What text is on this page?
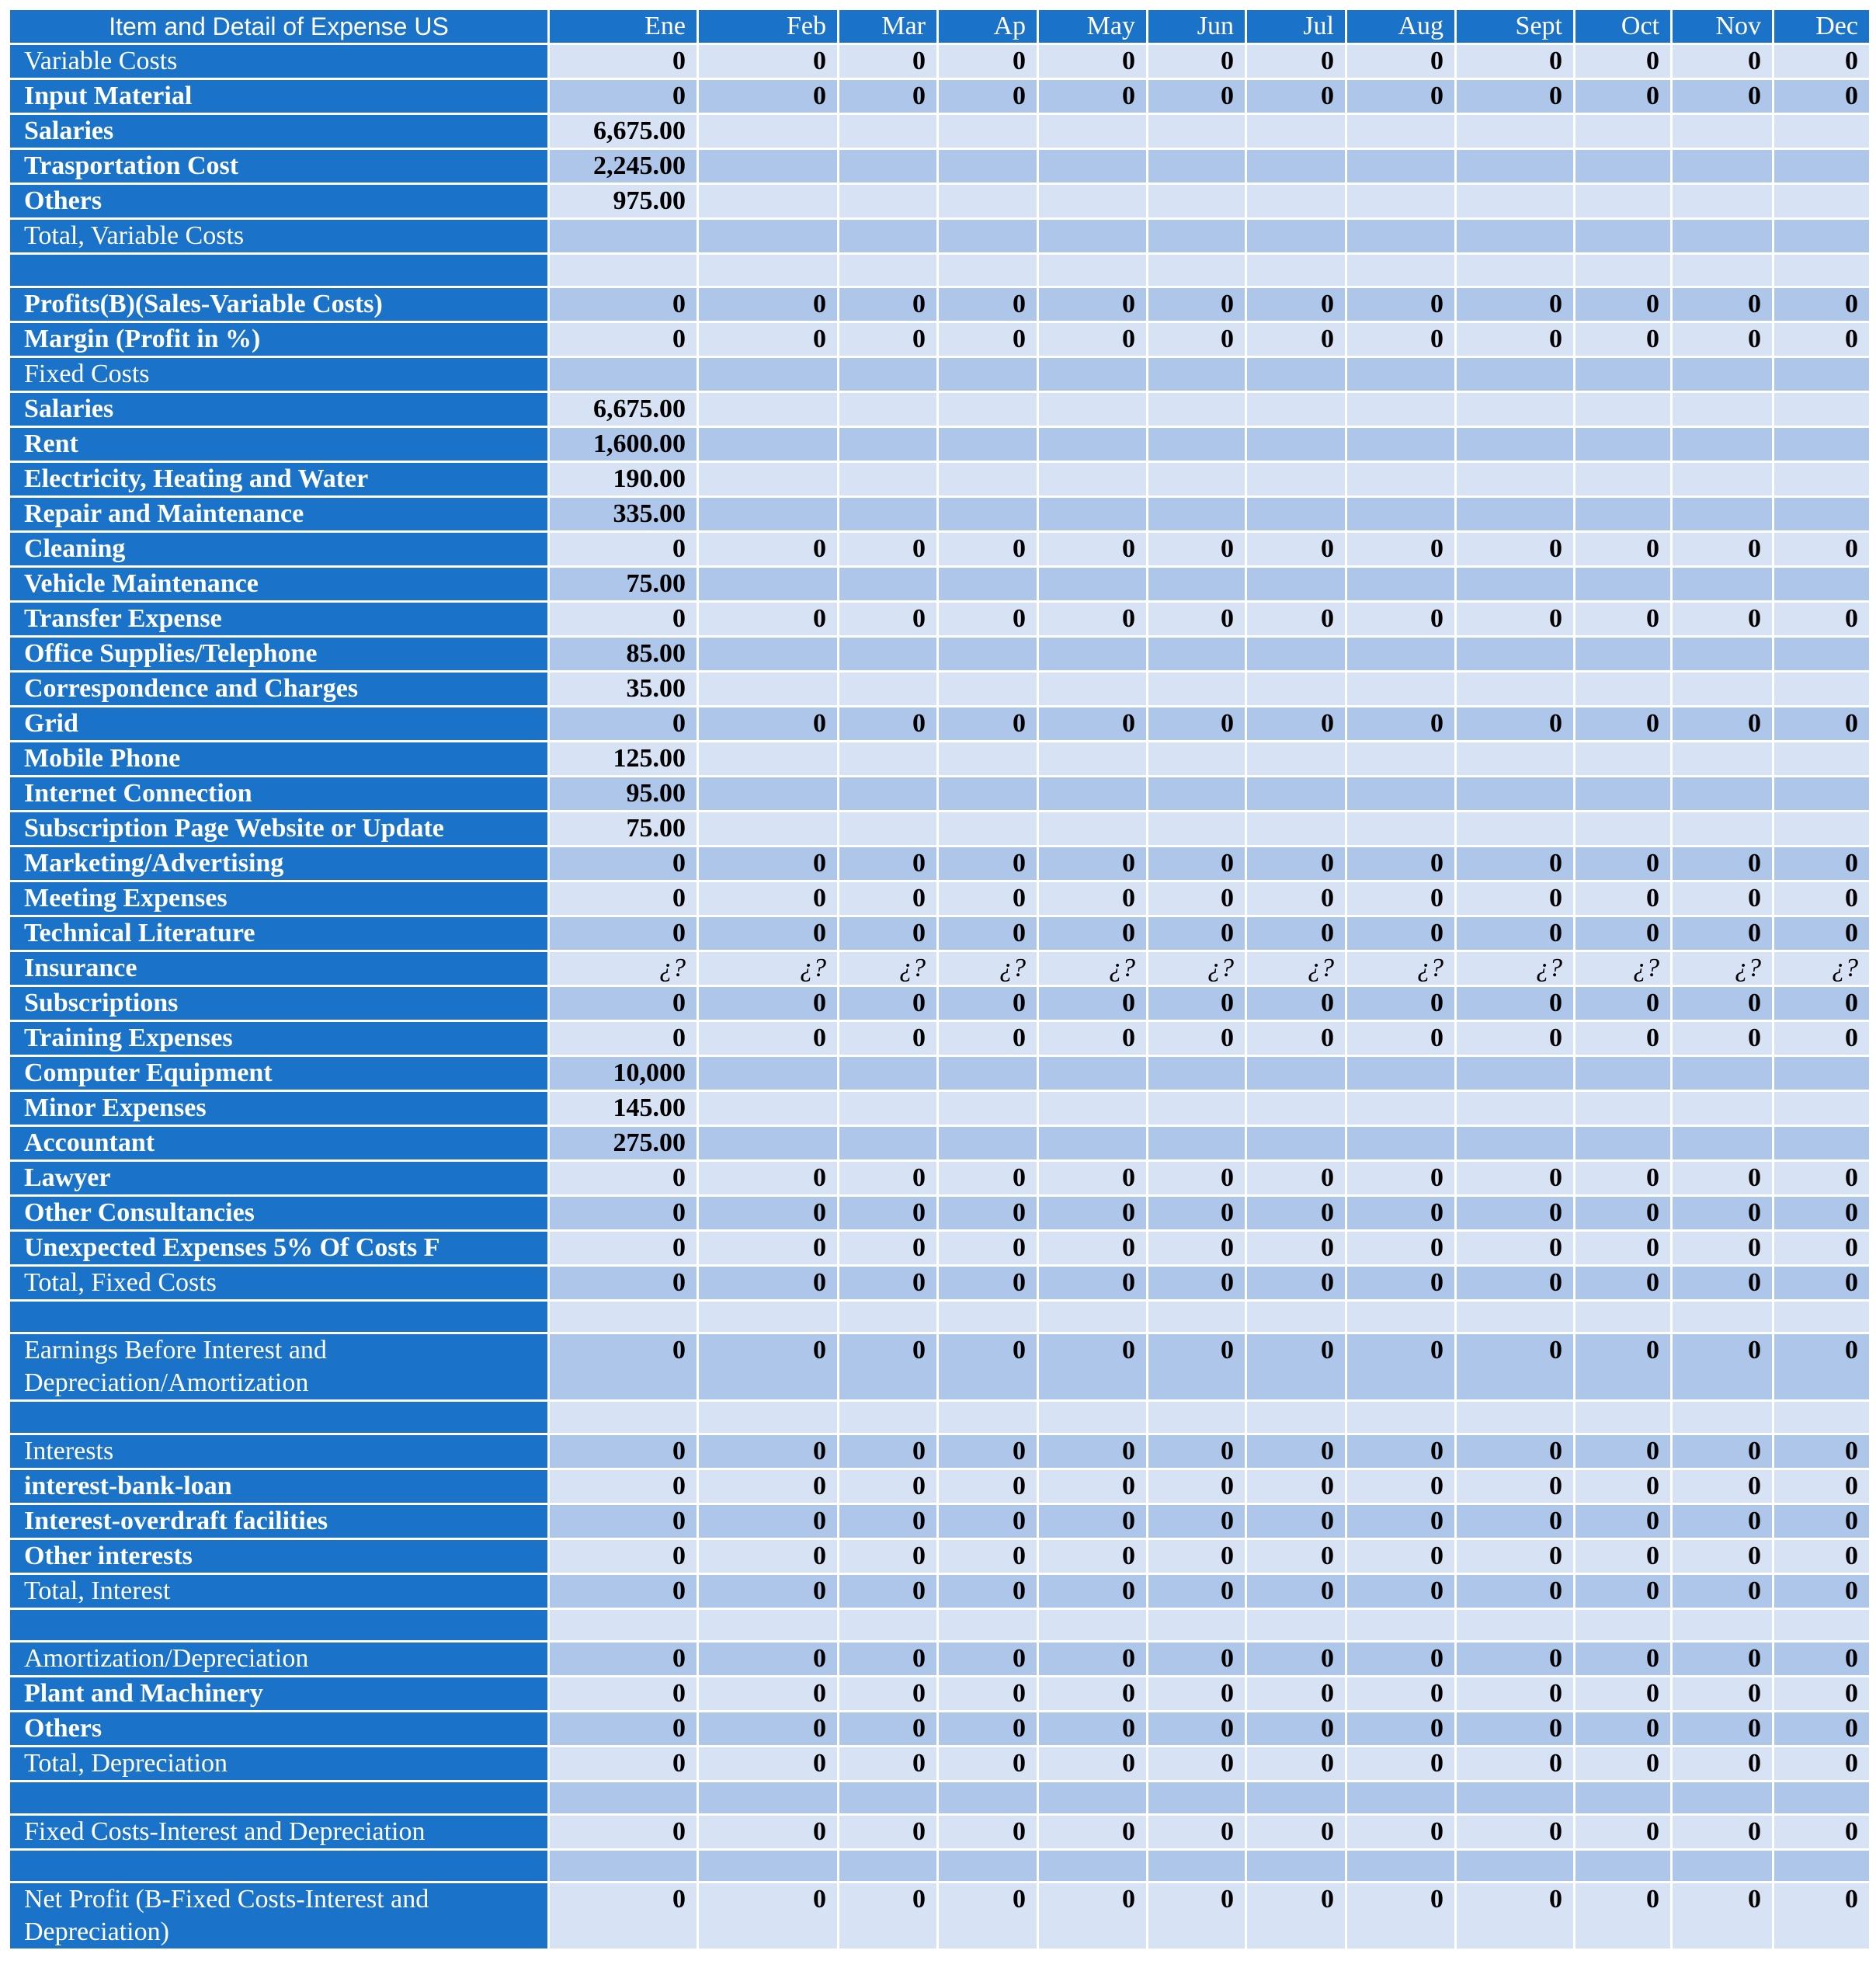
Item and Detail of Expense US	Ene	Feb	Mar	Ap	May	Jun	Jul	Aug	Sept	Oct	Nov	Dec
Variable Costs	0	0	0	0	0	0	0	0	0	0	0	0
Input Material	0	0	0	0	0	0	0	0	0	0	0	0
Salaries	6,675.00											
Trasportation Cost	2,245.00											
Others	975.00											
Total, Variable Costs												

Profits(B)(Sales-Variable Costs)	0	0	0	0	0	0	0	0	0	0	0	0
Margin (Profit in %)	0	0	0	0	0	0	0	0	0	0	0	0
Fixed Costs												
Salaries	6,675.00											
Rent	1,600.00											
Electricity, Heating and Water	190.00											
Repair and Maintenance	335.00											
Cleaning	0	0	0	0	0	0	0	0	0	0	0	0
Vehicle Maintenance	75.00											
Transfer Expense	0	0	0	0	0	0	0	0	0	0	0	0
Office Supplies/Telephone	85.00											
Correspondence and Charges	35.00											
Grid	0	0	0	0	0	0	0	0	0	0	0	0
Mobile Phone	125.00											
Internet Connection	95.00											
Subscription Page Website or Update	75.00											
Marketing/Advertising	0	0	0	0	0	0	0	0	0	0	0	0
Meeting Expenses	0	0	0	0	0	0	0	0	0	0	0	0
Technical Literature	0	0	0	0	0	0	0	0	0	0	0	0
Insurance	¿?	¿?	¿?	¿?	¿?	¿?	¿?	¿?	¿?	¿?	¿?	¿?
Subscriptions	0	0	0	0	0	0	0	0	0	0	0	0
Training Expenses	0	0	0	0	0	0	0	0	0	0	0	0
Computer Equipment	10,000											
Minor Expenses	145.00											
Accountant	275.00											
Lawyer	0	0	0	0	0	0	0	0	0	0	0	0
Other Consultancies	0	0	0	0	0	0	0	0	0	0	0	0
Unexpected Expenses 5% Of Costs F	0	0	0	0	0	0	0	0	0	0	0	0
Total, Fixed Costs	0	0	0	0	0	0	0	0	0	0	0	0

Earnings Before Interest and Depreciation/Amortization	0	0	0	0	0	0	0	0	0	0	0	0

Interests	0	0	0	0	0	0	0	0	0	0	0	0
interest-bank-loan	0	0	0	0	0	0	0	0	0	0	0	0
Interest-overdraft facilities	0	0	0	0	0	0	0	0	0	0	0	0
Other interests	0	0	0	0	0	0	0	0	0	0	0	0
Total, Interest	0	0	0	0	0	0	0	0	0	0	0	0

Amortization/Depreciation	0	0	0	0	0	0	0	0	0	0	0	0
Plant and Machinery	0	0	0	0	0	0	0	0	0	0	0	0
Others	0	0	0	0	0	0	0	0	0	0	0	0
Total, Depreciation	0	0	0	0	0	0	0	0	0	0	0	0

Fixed Costs-Interest and Depreciation	0	0	0	0	0	0	0	0	0	0	0	0

Net Profit (B-Fixed Costs-Interest and Depreciation)	0	0	0	0	0	0	0	0	0	0	0	0
